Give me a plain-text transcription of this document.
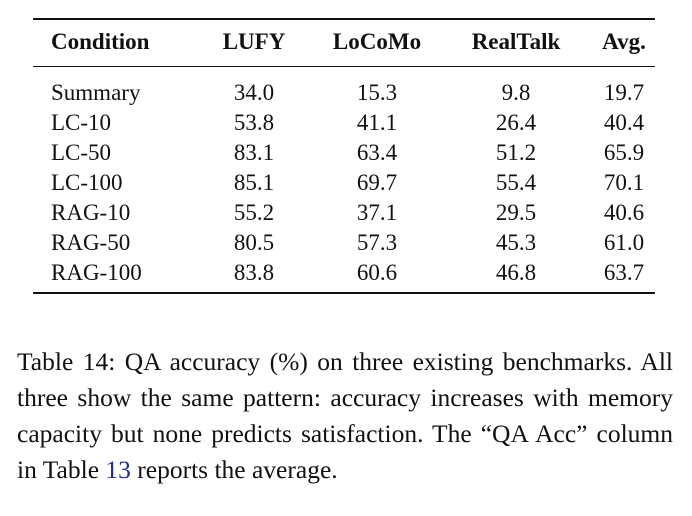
Condition	LUFY	LoCoMo	RealTalk	Avg.
Summary	34.0	15.3	9.8	19.7
LC-10	53.8	41.1	26.4	40.4
LC-50	83.1	63.4	51.2	65.9
LC-100	85.1	69.7	55.4	70.1
RAG-10	55.2	37.1	29.5	40.6
RAG-50	80.5	57.3	45.3	61.0
RAG-100	83.8	60.6	46.8	63.7

Table 14: QA accuracy (%) on three existing benchmarks. All three show the same pattern: accuracy increases with memory capacity but none predicts satisfaction. The “QA Acc” column in Table 13 reports the average.
